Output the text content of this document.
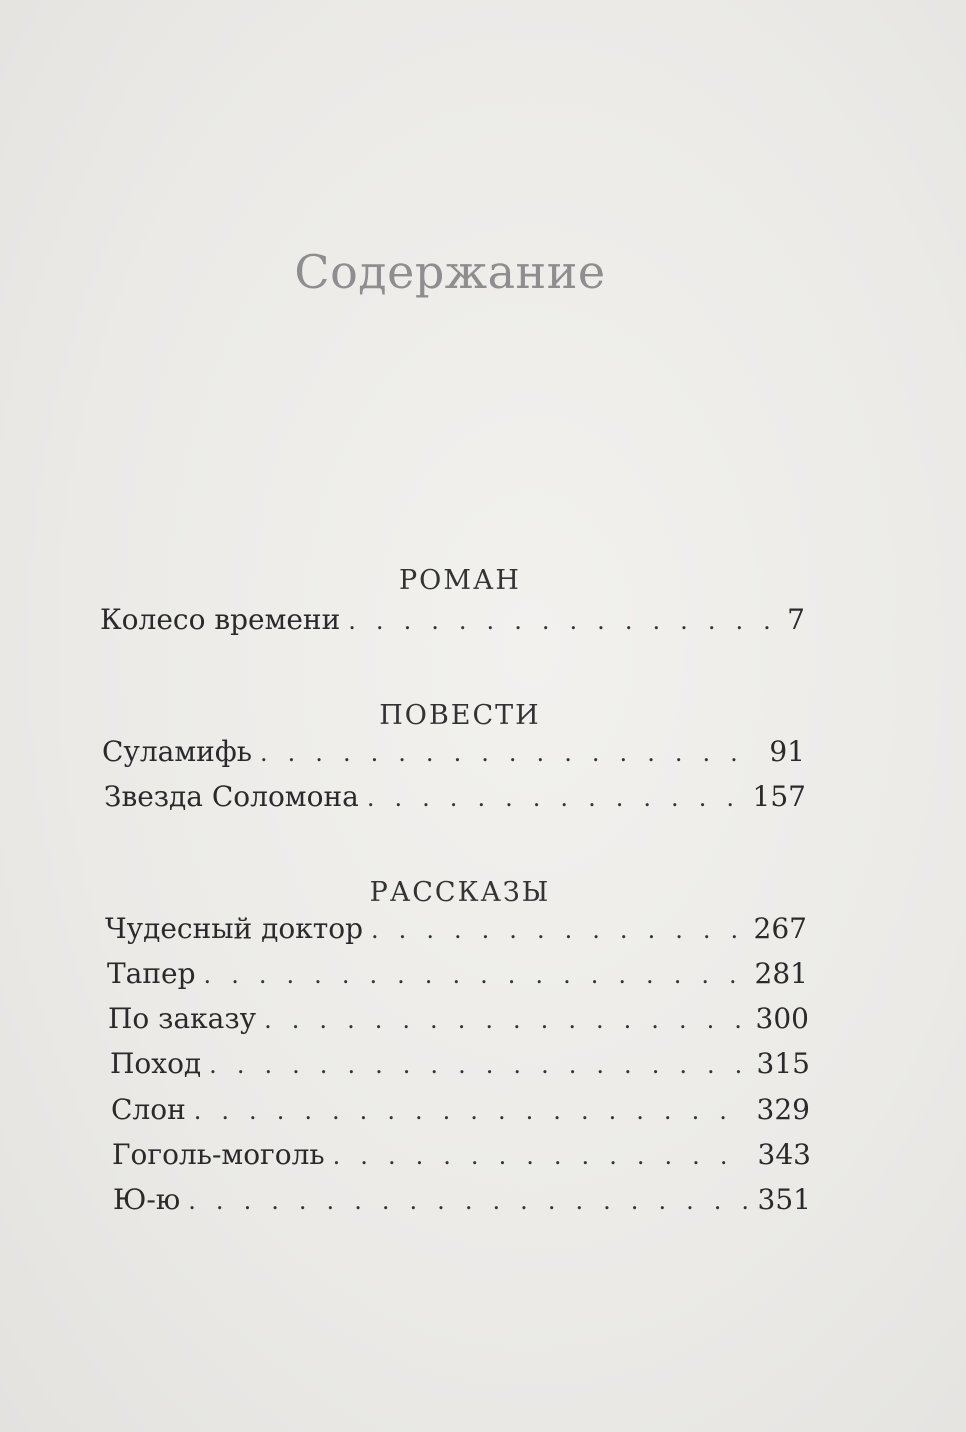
Содержание
РОМАН
Колесо времени . . .	7
ПОВЕСТИ
Суламифь . . .	91
Звезда Соломона . . .	157
РАССКАЗЫ
Чудесный доктор . . .	267
Тапер . . .	281
По заказу . . .	300
Поход . . .	315
Слон . . .	329
Гоголь-моголь . . .	343
Ю-ю . . .	351
